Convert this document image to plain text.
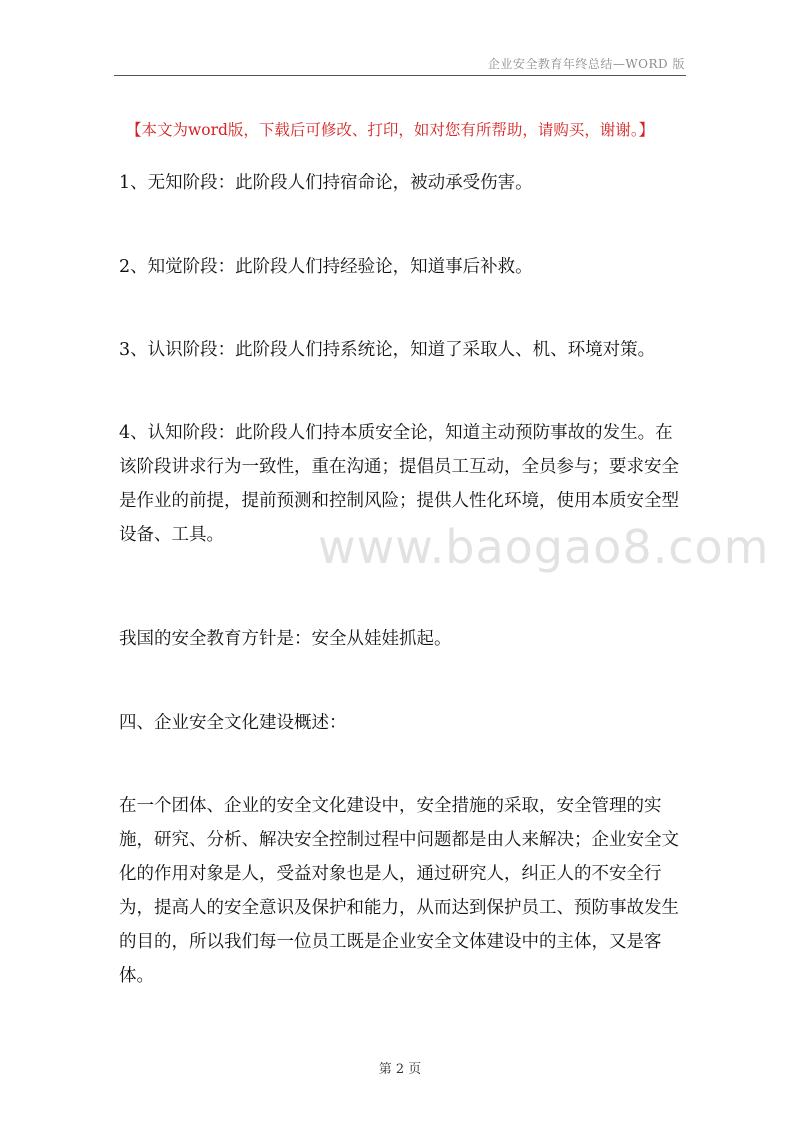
企业安全教育年终总结—WORD 版
【本文为word版，下载后可修改、打印，如对您有所帮助，请购买，谢谢。】
1、无知阶段：此阶段人们持宿命论，被动承受伤害。
2、知觉阶段：此阶段人们持经验论，知道事后补救。
3、认识阶段：此阶段人们持系统论，知道了采取人、机、环境对策。
4、认知阶段：此阶段人们持本质安全论，知道主动预防事故的发生。在该阶段讲求行为一致性，重在沟通；提倡员工互动，全员参与；要求安全是作业的前提，提前预测和控制风险；提供人性化环境，使用本质安全型设备、工具。
我国的安全教育方针是：安全从娃娃抓起。
四、企业安全文化建设概述：
在一个团体、企业的安全文化建设中，安全措施的采取，安全管理的实施，研究、分析、解决安全控制过程中问题都是由人来解决；企业安全文化的作用对象是人，受益对象也是人，通过研究人，纠正人的不安全行为，提高人的安全意识及保护和能力，从而达到保护员工、预防事故发生的目的，所以我们每一位员工既是企业安全文体建设中的主体，又是客体。
www.baogao8.com
第 2 页
